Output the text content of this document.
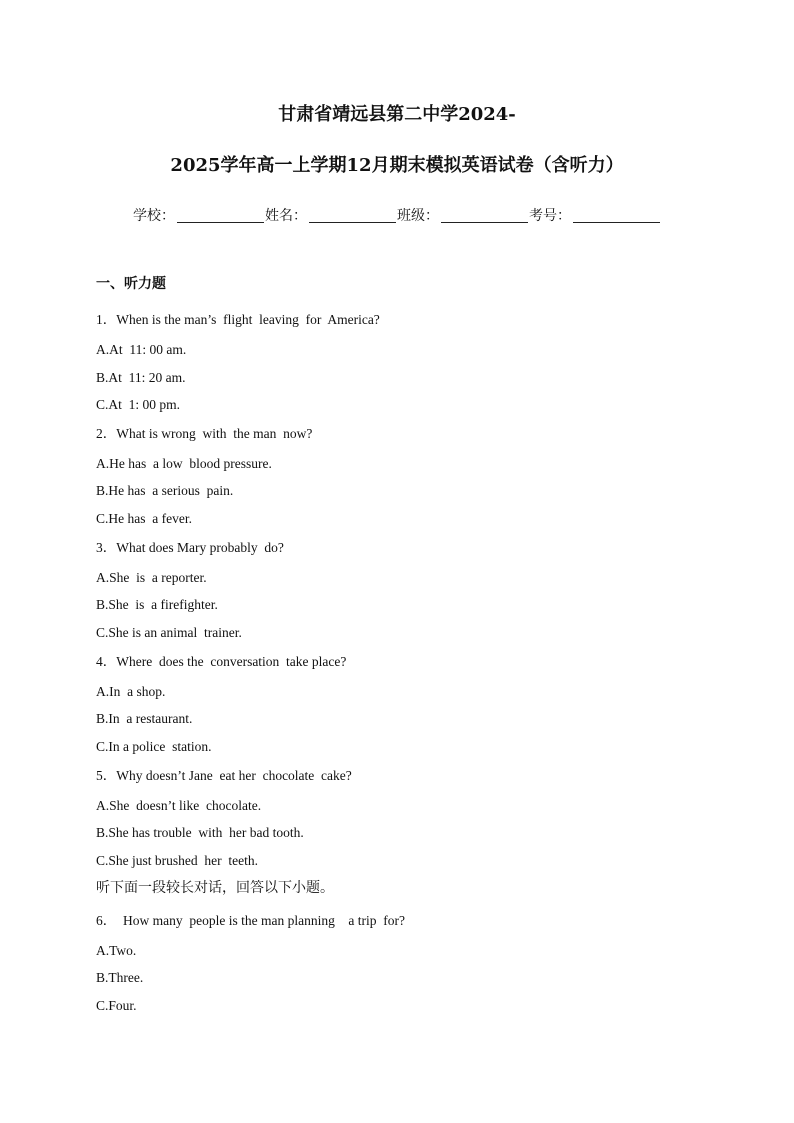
甘肃省靖远县第二中学2024-
2025学年高一上学期12月期末模拟英语试卷（含听力）
学校：	姓名：	班级：	考号：
一、听力题
1．When is the man’s  flight  leaving  for  America?
A.At  11: 00 am.
B.At  11: 20 am.
C.At  1: 00 pm.
2．What is wrong  with  the man  now?
A.He has  a low  blood pressure.
B.He has  a serious  pain.
C.He has  a fever.
3．What does Mary probably  do?
A.She  is  a reporter.
B.She  is  a firefighter.
C.She is an animal  trainer.
4．Where  does the  conversation  take place?
A.In  a shop.
B.In  a restaurant.
C.In a police  station.
5．Why doesn’t Jane  eat her  chocolate  cake?
A.She  doesn’t like  chocolate.
B.She has trouble  with  her bad tooth.
C.She just brushed  her  teeth.
听下面一段较长对话，回答以下小题。
6．  How many  people is the man planning    a trip  for?
A.Two.
B.Three.
C.Four.
